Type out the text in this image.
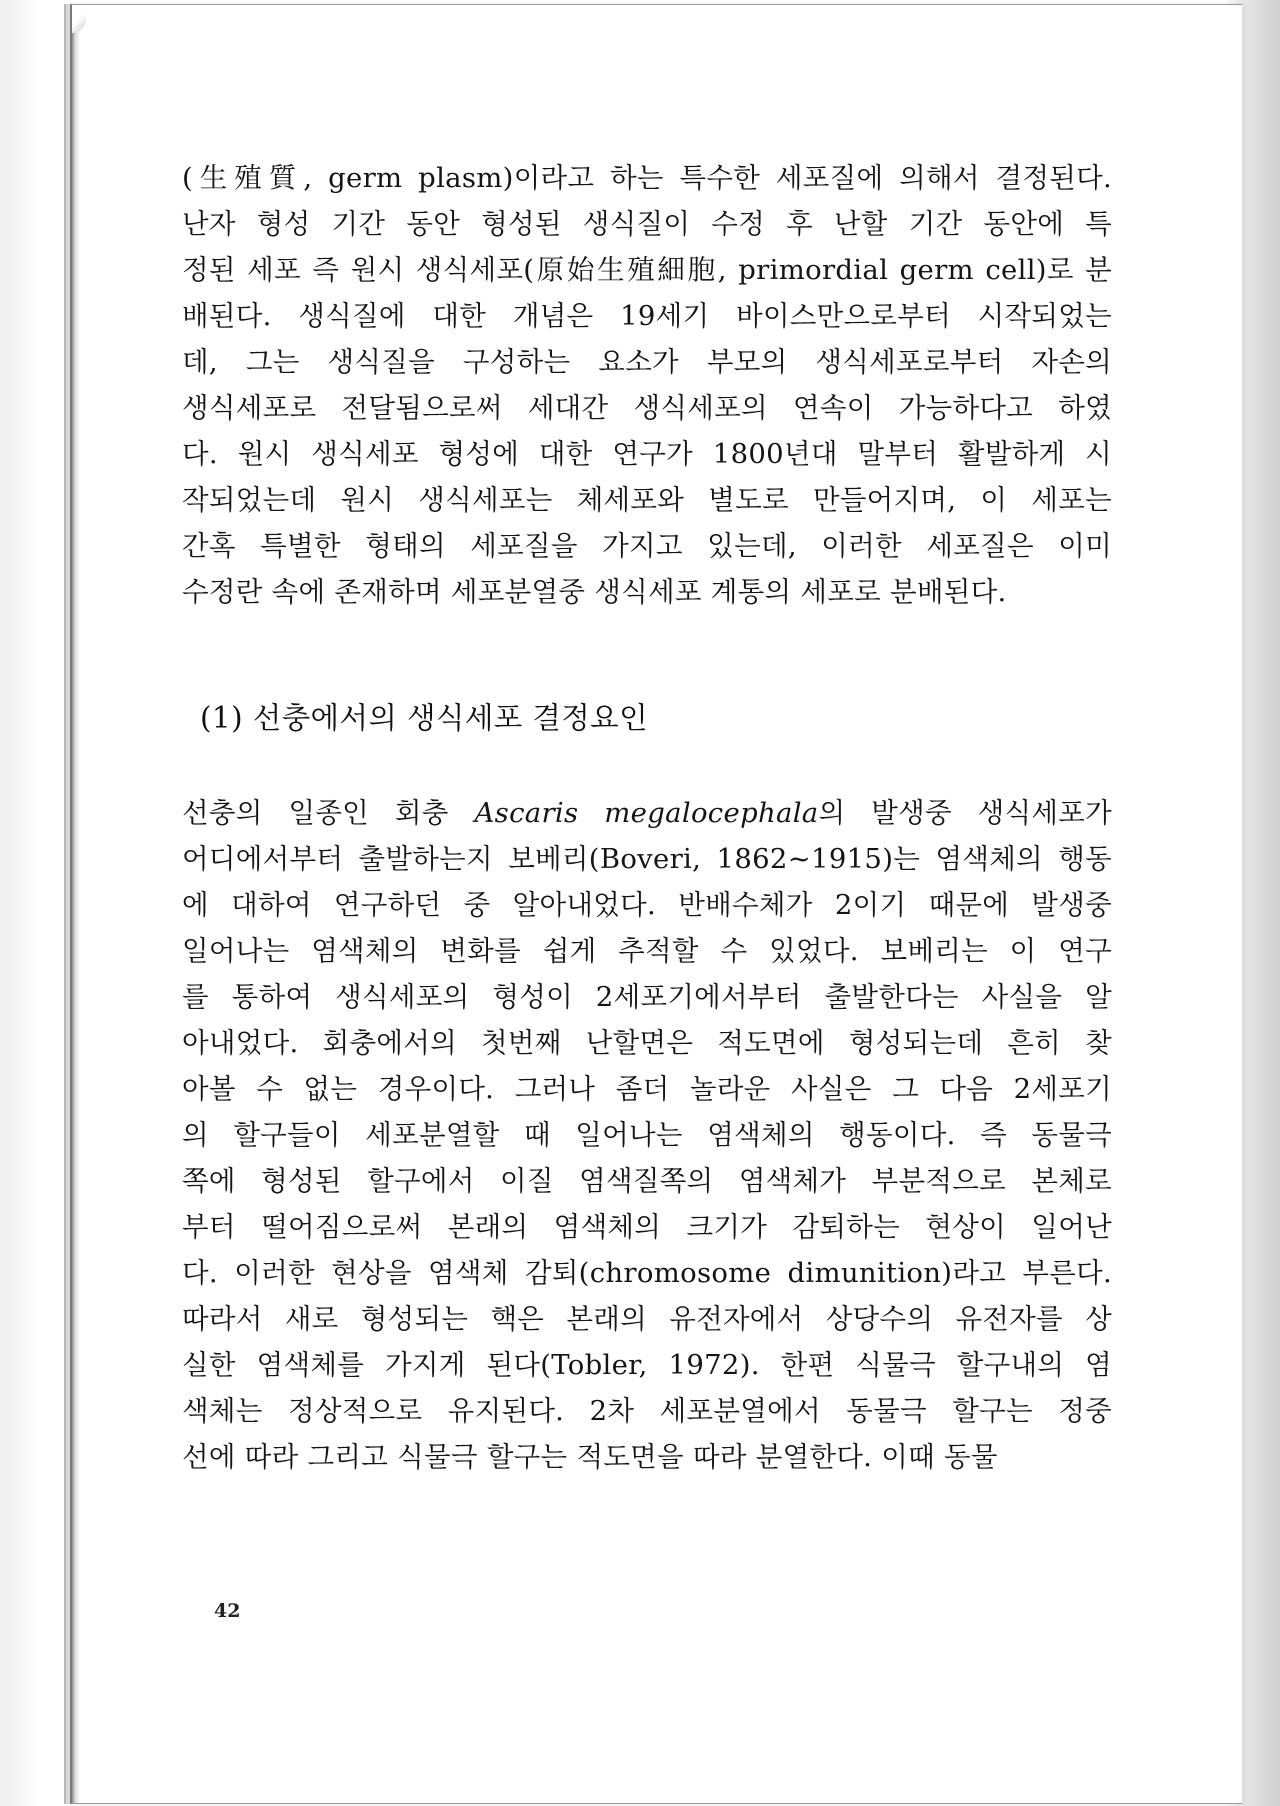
(生殖質, germ plasm)이라고 하는 특수한 세포질에 의해서 결정된다.
난자 형성 기간 동안 형성된 생식질이 수정 후 난할 기간 동안에 특
정된 세포 즉 원시 생식세포(原始生殖細胞, primordial germ cell)로 분
배된다. 생식질에 대한 개념은 19세기 바이스만으로부터 시작되었는
데, 그는 생식질을 구성하는 요소가 부모의 생식세포로부터 자손의
생식세포로 전달됨으로써 세대간 생식세포의 연속이 가능하다고 하였
다. 원시 생식세포 형성에 대한 연구가 1800년대 말부터 활발하게 시
작되었는데 원시 생식세포는 체세포와 별도로 만들어지며, 이 세포는
간혹 특별한 형태의 세포질을 가지고 있는데, 이러한 세포질은 이미
수정란 속에 존재하며 세포분열중 생식세포 계통의 세포로 분배된다.
(1) 선충에서의 생식세포 결정요인
선충의 일종인 회충 Ascaris megalocephala의 발생중 생식세포가
어디에서부터 출발하는지 보베리(Boveri, 1862~1915)는 염색체의 행동
에 대하여 연구하던 중 알아내었다. 반배수체가 2이기 때문에 발생중
일어나는 염색체의 변화를 쉽게 추적할 수 있었다. 보베리는 이 연구
를 통하여 생식세포의 형성이 2세포기에서부터 출발한다는 사실을 알
아내었다. 회충에서의 첫번째 난할면은 적도면에 형성되는데 흔히 찾
아볼 수 없는 경우이다. 그러나 좀더 놀라운 사실은 그 다음 2세포기
의 할구들이 세포분열할 때 일어나는 염색체의 행동이다. 즉 동물극
쪽에 형성된 할구에서 이질 염색질쪽의 염색체가 부분적으로 본체로
부터 떨어짐으로써 본래의 염색체의 크기가 감퇴하는 현상이 일어난
다. 이러한 현상을 염색체 감퇴(chromosome dimunition)라고 부른다.
따라서 새로 형성되는 핵은 본래의 유전자에서 상당수의 유전자를 상
실한 염색체를 가지게 된다(Tobler, 1972). 한편 식물극 할구내의 염
색체는 정상적으로 유지된다. 2차 세포분열에서 동물극 할구는 정중
선에 따라 그리고 식물극 할구는 적도면을 따라 분열한다. 이때 동물
42
